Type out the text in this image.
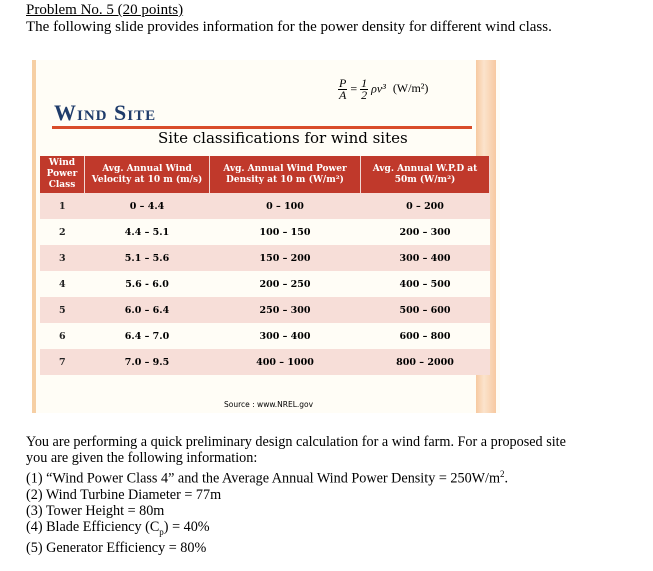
Problem No. 5 (20 points)
The following slide provides information for the power density for different wind class.
$\frac{P}{A} = \frac{1}{2} \rho v^3$ (W/m²)
Wind Site
Site classifications for wind sites
Wind Power Class	Avg. Annual Wind Velocity at 10 m (m/s)	Avg. Annual Wind Power Density at 10 m (W/m²)	Avg. Annual W.P.D at 50m (W/m²)
1	0 – 4.4	0 – 100	0 – 200
2	4.4 – 5.1	100 – 150	200 – 300
3	5.1 – 5.6	150 – 200	300 – 400
4	5.6 - 6.0	200 – 250	400 – 500
5	6.0 – 6.4	250 – 300	500 – 600
6	6.4 – 7.0	300 – 400	600 – 800
7	7.0 – 9.5	400 – 1000	800 – 2000
Source : www.NREL.gov
You are performing a quick preliminary design calculation for a wind farm. For a proposed site
you are given the following information:
(1) “Wind Power Class 4” and the Average Annual Wind Power Density = $250W/m^2$.
(2) Wind Turbine Diameter = 77m
(3) Tower Height = 80m
(4) Blade Efficiency $(C_p) = 40\%$
(5) Generator Efficiency = 80%
